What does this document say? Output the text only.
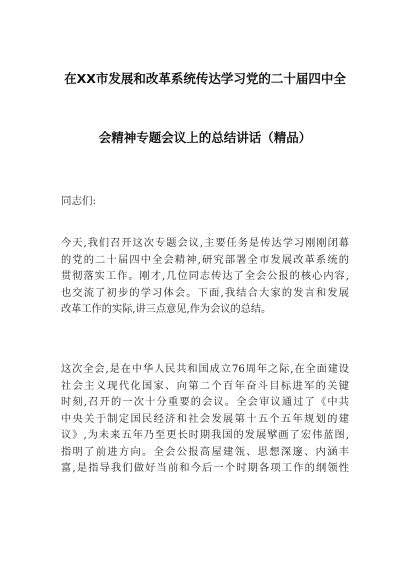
在XX市发展和改革系统传达学习党的二十届四中全
会精神专题会议上的总结讲话（精品）
同志们:
今天,我们召开这次专题会议,主要任务是传达学习刚刚闭幕
的党的二十届四中全会精神,研究部署全市发展改革系统的
贯彻落实工作。刚才,几位同志传达了全会公报的核心内容,
也交流了初步的学习体会。下面,我结合大家的发言和发展
改革工作的实际,讲三点意见,作为会议的总结。
这次全会,是在中华人民共和国成立76周年之际,在全面建设
社会主义现代化国家、向第二个百年奋斗目标进军的关键
时刻,召开的一次十分重要的会议。全会审议通过了《中共
中央关于制定国民经济和社会发展第十五个五年规划的建
议》,为未来五年乃至更长时期我国的发展擘画了宏伟蓝图,
指明了前进方向。全会公报高屋建瓴、思想深邃、内涵丰
富,是指导我们做好当前和今后一个时期各项工作的纲领性
